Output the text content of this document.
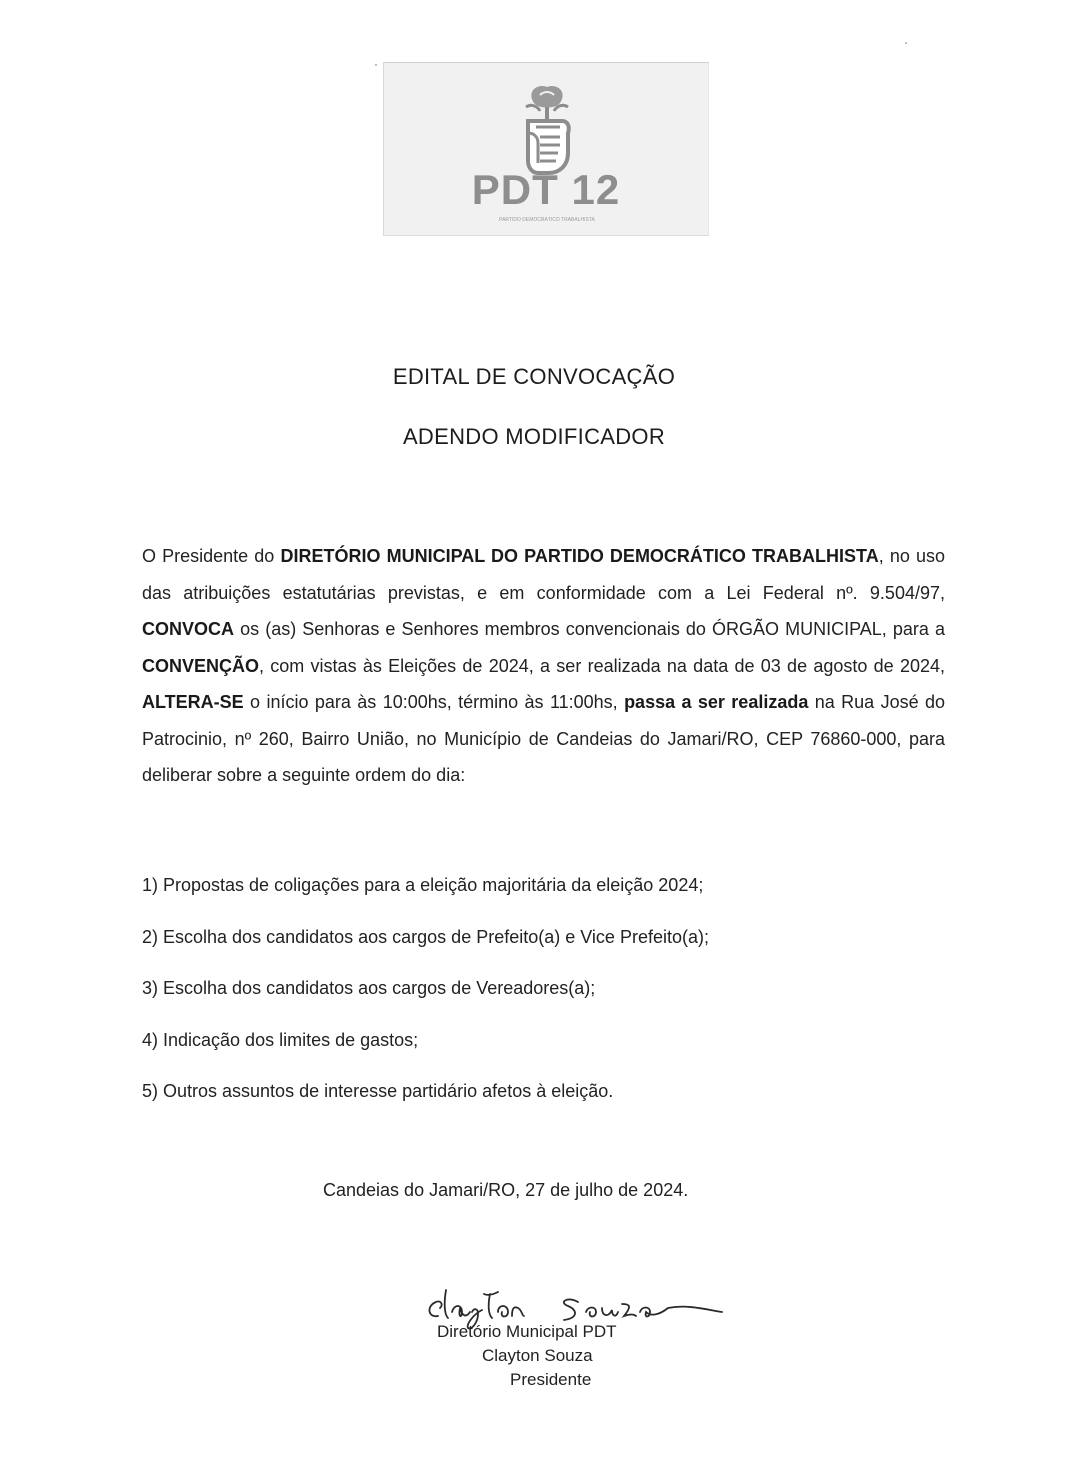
PDT 12
PARTIDO DEMOCRÁTICO TRABALHISTA
EDITAL DE CONVOCAÇÃO
ADENDO MODIFICADOR

O Presidente do DIRETÓRIO MUNICIPAL DO PARTIDO DEMOCRÁTICO TRABALHISTA, no uso das atribuições estatutárias previstas, e em conformidade com a Lei Federal nº. 9.504/97, CONVOCA os (as) Senhoras e Senhores membros convencionais do ÓRGÃO MUNICIPAL, para a CONVENÇÃO, com vistas às Eleições de 2024, a ser realizada na data de 03 de agosto de 2024, ALTERA-SE o início para às 10:00hs, término às 11:00hs, passa a ser realizada na Rua José do Patrocinio, nº 260, Bairro União, no Município de Candeias do Jamari/RO, CEP 76860-000, para deliberar sobre a seguinte ordem do dia:

1) Propostas de coligações para a eleição majoritária da eleição 2024;
2) Escolha dos candidatos aos cargos de Prefeito(a) e Vice Prefeito(a);
3) Escolha dos candidatos aos cargos de Vereadores(a);
4) Indicação dos limites de gastos;
5) Outros assuntos de interesse partidário afetos à eleição.
Candeias do Jamari/RO, 27 de julho de 2024.
Diretório Municipal PDT
Clayton Souza
Presidente
